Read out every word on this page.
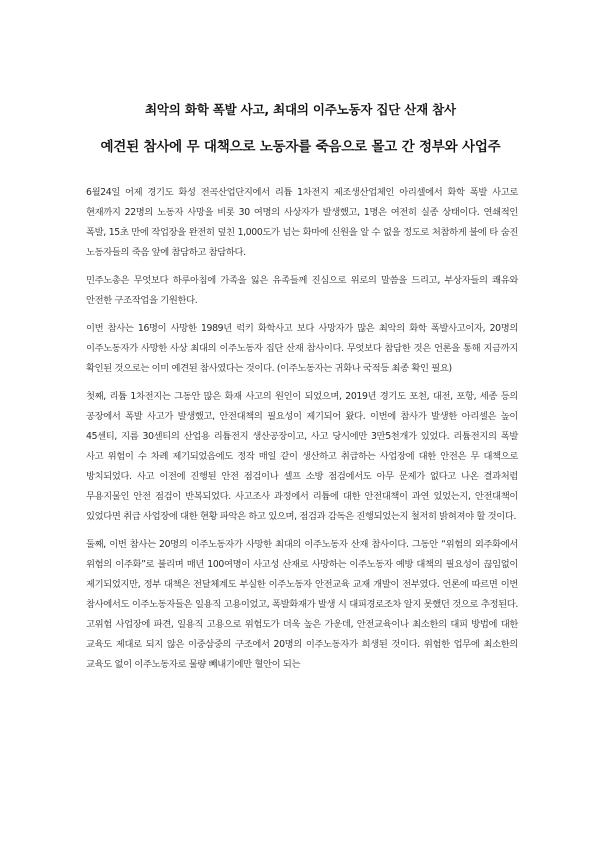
최악의 화학 폭발 사고, 최대의 이주노동자 집단 산재 참사
예견된 참사에 무 대책으로 노동자를 죽음으로 몰고 간 정부와 사업주

6월24일 어제 경기도 화성 전곡산업단지에서 리튬 1차전지 제조생산업체인 아리셀에서 화학 폭발 사고로 현재까지 22명의 노동자 사망을 비롯 30 여명의 사상자가 발생했고, 1명은 여전히 실종 상태이다. 연쇄적인 폭발, 15초 만에 작업장을 완전히 덮친 1,000도가 넘는 화마에 신원을 알 수 없을 정도로 처참하게 불에 타 숨진 노동자들의 죽음 앞에 참담하고 참담하다.

민주노총은 무엇보다 하루아침에 가족을 잃은 유족들께 진심으로 위로의 말씀을 드리고, 부상자들의 쾌유와 안전한 구조작업을 기원한다.

이번 참사는 16명이 사망한 1989년 럭키 화학사고 보다 사망자가 많은 최악의 화학 폭발사고이자, 20명의 이주노동자가 사망한 사상 최대의 이주노동자 집단 산재 참사이다. 무엇보다 참담한 것은 언론을 통해 지금까지 확인된 것으로는 이미 예견된 참사였다는 것이다. (이주노동자는 귀화나 국적등 최종 확인 필요)

첫째, 리튬 1차전지는 그동안 많은 화재 사고의 원인이 되었으며, 2019년 경기도 포천, 대전, 포항, 세종 등의 공장에서 폭발 사고가 발생했고, 안전대책의 필요성이 제기되어 왔다. 이번에 참사가 발생한 아리셀은 높이 45센티, 지름 30센티의 산업용 리튬전지 생산공장이고, 사고 당시에만 3만5천개가 있었다. 리튬전지의 폭발 사고 위험이 수 차례 제기되었음에도 정작 매일 같이 생산하고 취급하는 사업장에 대한 안전은 무 대책으로 방치되었다. 사고 이전에 진행된 안전 점검이나 셀프 소방 점검에서도 아무 문제가 없다고 나온 결과처럼 무용지물인 안전 점검이 반복되었다. 사고조사 과정에서 리튬에 대한 안전대책이 과연 있었는지, 안전대책이 있었다면 취급 사업장에 대한 현황 파악은 하고 있으며, 점검과 감독은 진행되었는지 철저히 밝혀져야 할 것이다.

둘째, 이번 참사는 20명의 이주노동자가 사망한 최대의 이주노동자 산재 참사이다. 그동안 “위험의 외주화에서 위험의 이주화”로 불리며 매년 100여명이 사고성 산재로 사망하는 이주노동자 예방 대책의 필요성이 끊임없이 제기되었지만, 정부 대책은 전달체계도 부실한 이주노동자 안전교육 교재 개발이 전부였다. 언론에 따르면 이번 참사에서도 이주노동자들은 일용직 고용이었고, 폭발화재가 발생 시 대피경로조차 알지 못했던 것으로 추정된다. 고위험 사업장에 파견, 일용직 고용으로 위험도가 더욱 높은 가운데, 안전교육이나 최소한의 대피 방법에 대한 교육도 제대로 되지 않은 이중삼중의 구조에서 20명의 이주노동자가 희생된 것이다. 위험한 업무에 최소한의 교육도 없이 이주노동자로 물량 빼내기에만 혈안이 되는
